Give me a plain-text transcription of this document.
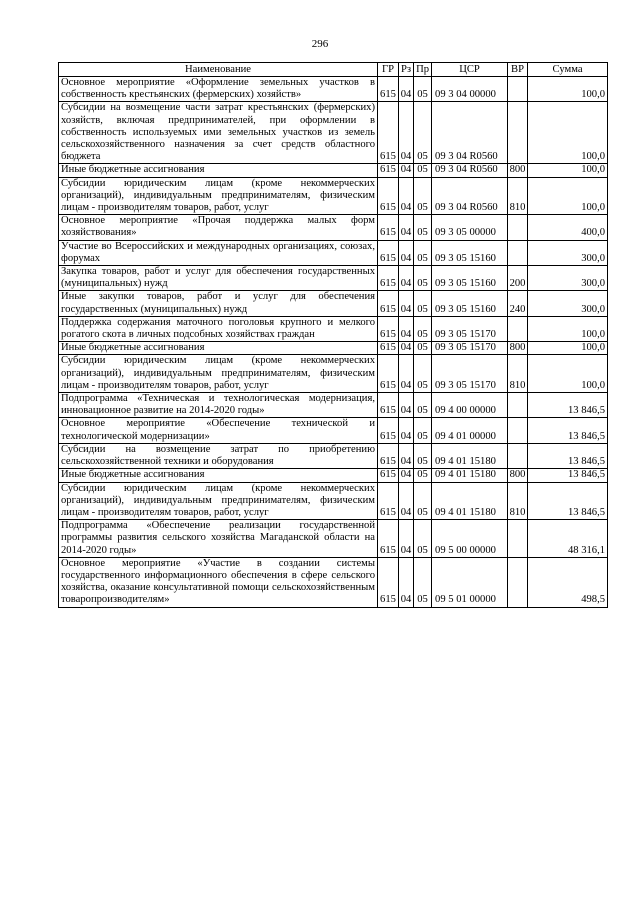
296
Наименование	ГР	Рз	Пр	ЦСР	ВР	Сумма
Основное мероприятие «Оформление земельных участков в собственность крестьянских (фермерских) хозяйств»	615	04	05	09 3 04 00000		100,0
Субсидии на возмещение части затрат крестьянских (фермерских) хозяйств, включая предпринимателей, при оформлении в собственность используемых ими земельных участков из земель сельскохозяйственного назначения за счет средств областного бюджета	615	04	05	09 3 04 R0560		100,0
Иные бюджетные ассигнования	615	04	05	09 3 04 R0560	800	100,0
Субсидии юридическим лицам (кроме некоммерческих организаций), индивидуальным предпринимателям, физическим лицам - производителям товаров, работ, услуг	615	04	05	09 3 04 R0560	810	100,0
Основное мероприятие «Прочая поддержка малых форм хозяйствования»	615	04	05	09 3 05 00000		400,0
Участие во Всероссийских и международных организациях, союзах, форумах	615	04	05	09 3 05 15160		300,0
Закупка товаров, работ и услуг для обеспечения государственных (муниципальных) нужд	615	04	05	09 3 05 15160	200	300,0
Иные закупки товаров, работ и услуг для обеспечения государственных (муниципальных) нужд	615	04	05	09 3 05 15160	240	300,0
Поддержка содержания маточного поголовья крупного и мелкого рогатого скота в личных подсобных хозяйствах граждан	615	04	05	09 3 05 15170		100,0
Иные бюджетные ассигнования	615	04	05	09 3 05 15170	800	100,0
Субсидии юридическим лицам (кроме некоммерческих организаций), индивидуальным предпринимателям, физическим лицам - производителям товаров, работ, услуг	615	04	05	09 3 05 15170	810	100,0
Подпрограмма «Техническая и технологическая модернизация, инновационное развитие на 2014-2020 годы»	615	04	05	09 4 00 00000		13 846,5
Основное мероприятие «Обеспечение технической и технологической модернизации»	615	04	05	09 4 01 00000		13 846,5
Субсидии на возмещение затрат по приобретению сельскохозяйственной техники и оборудования	615	04	05	09 4 01 15180		13 846,5
Иные бюджетные ассигнования	615	04	05	09 4 01 15180	800	13 846,5
Субсидии юридическим лицам (кроме некоммерческих организаций), индивидуальным предпринимателям, физическим лицам - производителям товаров, работ, услуг	615	04	05	09 4 01 15180	810	13 846,5
Подпрограмма «Обеспечение реализации государственной программы развития сельского хозяйства Магаданской области на 2014-2020 годы»	615	04	05	09 5 00 00000		48 316,1
Основное мероприятие «Участие в создании системы государственного информационного обеспечения в сфере сельского хозяйства, оказание консультативной помощи сельскохозяйственным товаропроизводителям»	615	04	05	09 5 01 00000		498,5
